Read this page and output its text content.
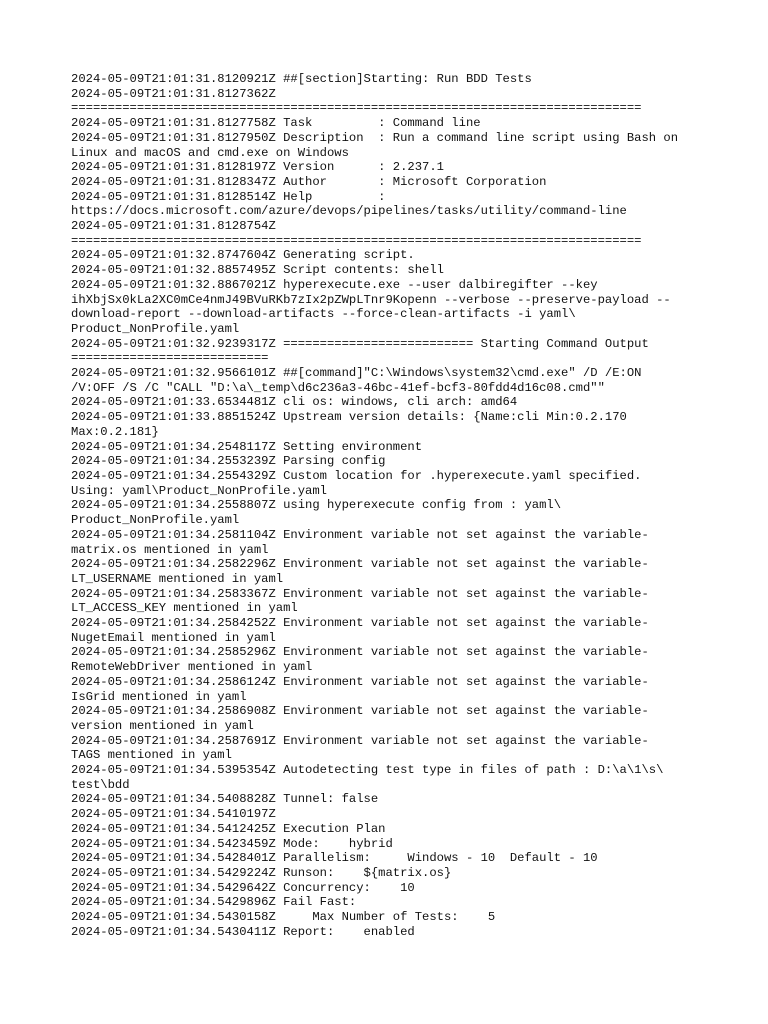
2024-05-09T21:01:31.8120921Z ##[section]Starting: Run BDD Tests
2024-05-09T21:01:31.8127362Z
==============================================================================
2024-05-09T21:01:31.8127758Z Task         : Command line
2024-05-09T21:01:31.8127950Z Description  : Run a command line script using Bash on
Linux and macOS and cmd.exe on Windows
2024-05-09T21:01:31.8128197Z Version      : 2.237.1
2024-05-09T21:01:31.8128347Z Author       : Microsoft Corporation
2024-05-09T21:01:31.8128514Z Help         :
https://docs.microsoft.com/azure/devops/pipelines/tasks/utility/command-line
2024-05-09T21:01:31.8128754Z
==============================================================================
2024-05-09T21:01:32.8747604Z Generating script.
2024-05-09T21:01:32.8857495Z Script contents: shell
2024-05-09T21:01:32.8867021Z hyperexecute.exe --user dalbiregifter --key
ihXbjSx0kLa2XC0mCe4nmJ49BVuRKb7zIx2pZWpLTnr9Kopenn --verbose --preserve-payload --
download-report --download-artifacts --force-clean-artifacts -i yaml\
Product_NonProfile.yaml
2024-05-09T21:01:32.9239317Z ========================== Starting Command Output
===========================
2024-05-09T21:01:32.9566101Z ##[command]"C:\Windows\system32\cmd.exe" /D /E:ON
/V:OFF /S /C "CALL "D:\a\_temp\d6c236a3-46bc-41ef-bcf3-80fdd4d16c08.cmd""
2024-05-09T21:01:33.6534481Z cli os: windows, cli arch: amd64
2024-05-09T21:01:33.8851524Z Upstream version details: {Name:cli Min:0.2.170
Max:0.2.181}
2024-05-09T21:01:34.2548117Z Setting environment
2024-05-09T21:01:34.2553239Z Parsing config
2024-05-09T21:01:34.2554329Z Custom location for .hyperexecute.yaml specified.
Using: yaml\Product_NonProfile.yaml
2024-05-09T21:01:34.2558807Z using hyperexecute config from : yaml\
Product_NonProfile.yaml
2024-05-09T21:01:34.2581104Z Environment variable not set against the variable-
matrix.os mentioned in yaml
2024-05-09T21:01:34.2582296Z Environment variable not set against the variable-
LT_USERNAME mentioned in yaml
2024-05-09T21:01:34.2583367Z Environment variable not set against the variable-
LT_ACCESS_KEY mentioned in yaml
2024-05-09T21:01:34.2584252Z Environment variable not set against the variable-
NugetEmail mentioned in yaml
2024-05-09T21:01:34.2585296Z Environment variable not set against the variable-
RemoteWebDriver mentioned in yaml
2024-05-09T21:01:34.2586124Z Environment variable not set against the variable-
IsGrid mentioned in yaml
2024-05-09T21:01:34.2586908Z Environment variable not set against the variable-
version mentioned in yaml
2024-05-09T21:01:34.2587691Z Environment variable not set against the variable-
TAGS mentioned in yaml
2024-05-09T21:01:34.5395354Z Autodetecting test type in files of path : D:\a\1\s\
test\bdd
2024-05-09T21:01:34.5408828Z Tunnel: false
2024-05-09T21:01:34.5410197Z
2024-05-09T21:01:34.5412425Z Execution Plan
2024-05-09T21:01:34.5423459Z Mode:    hybrid
2024-05-09T21:01:34.5428401Z Parallelism:     Windows - 10  Default - 10
2024-05-09T21:01:34.5429224Z Runson:    ${matrix.os}
2024-05-09T21:01:34.5429642Z Concurrency:    10
2024-05-09T21:01:34.5429896Z Fail Fast:
2024-05-09T21:01:34.5430158Z     Max Number of Tests:    5
2024-05-09T21:01:34.5430411Z Report:    enabled
